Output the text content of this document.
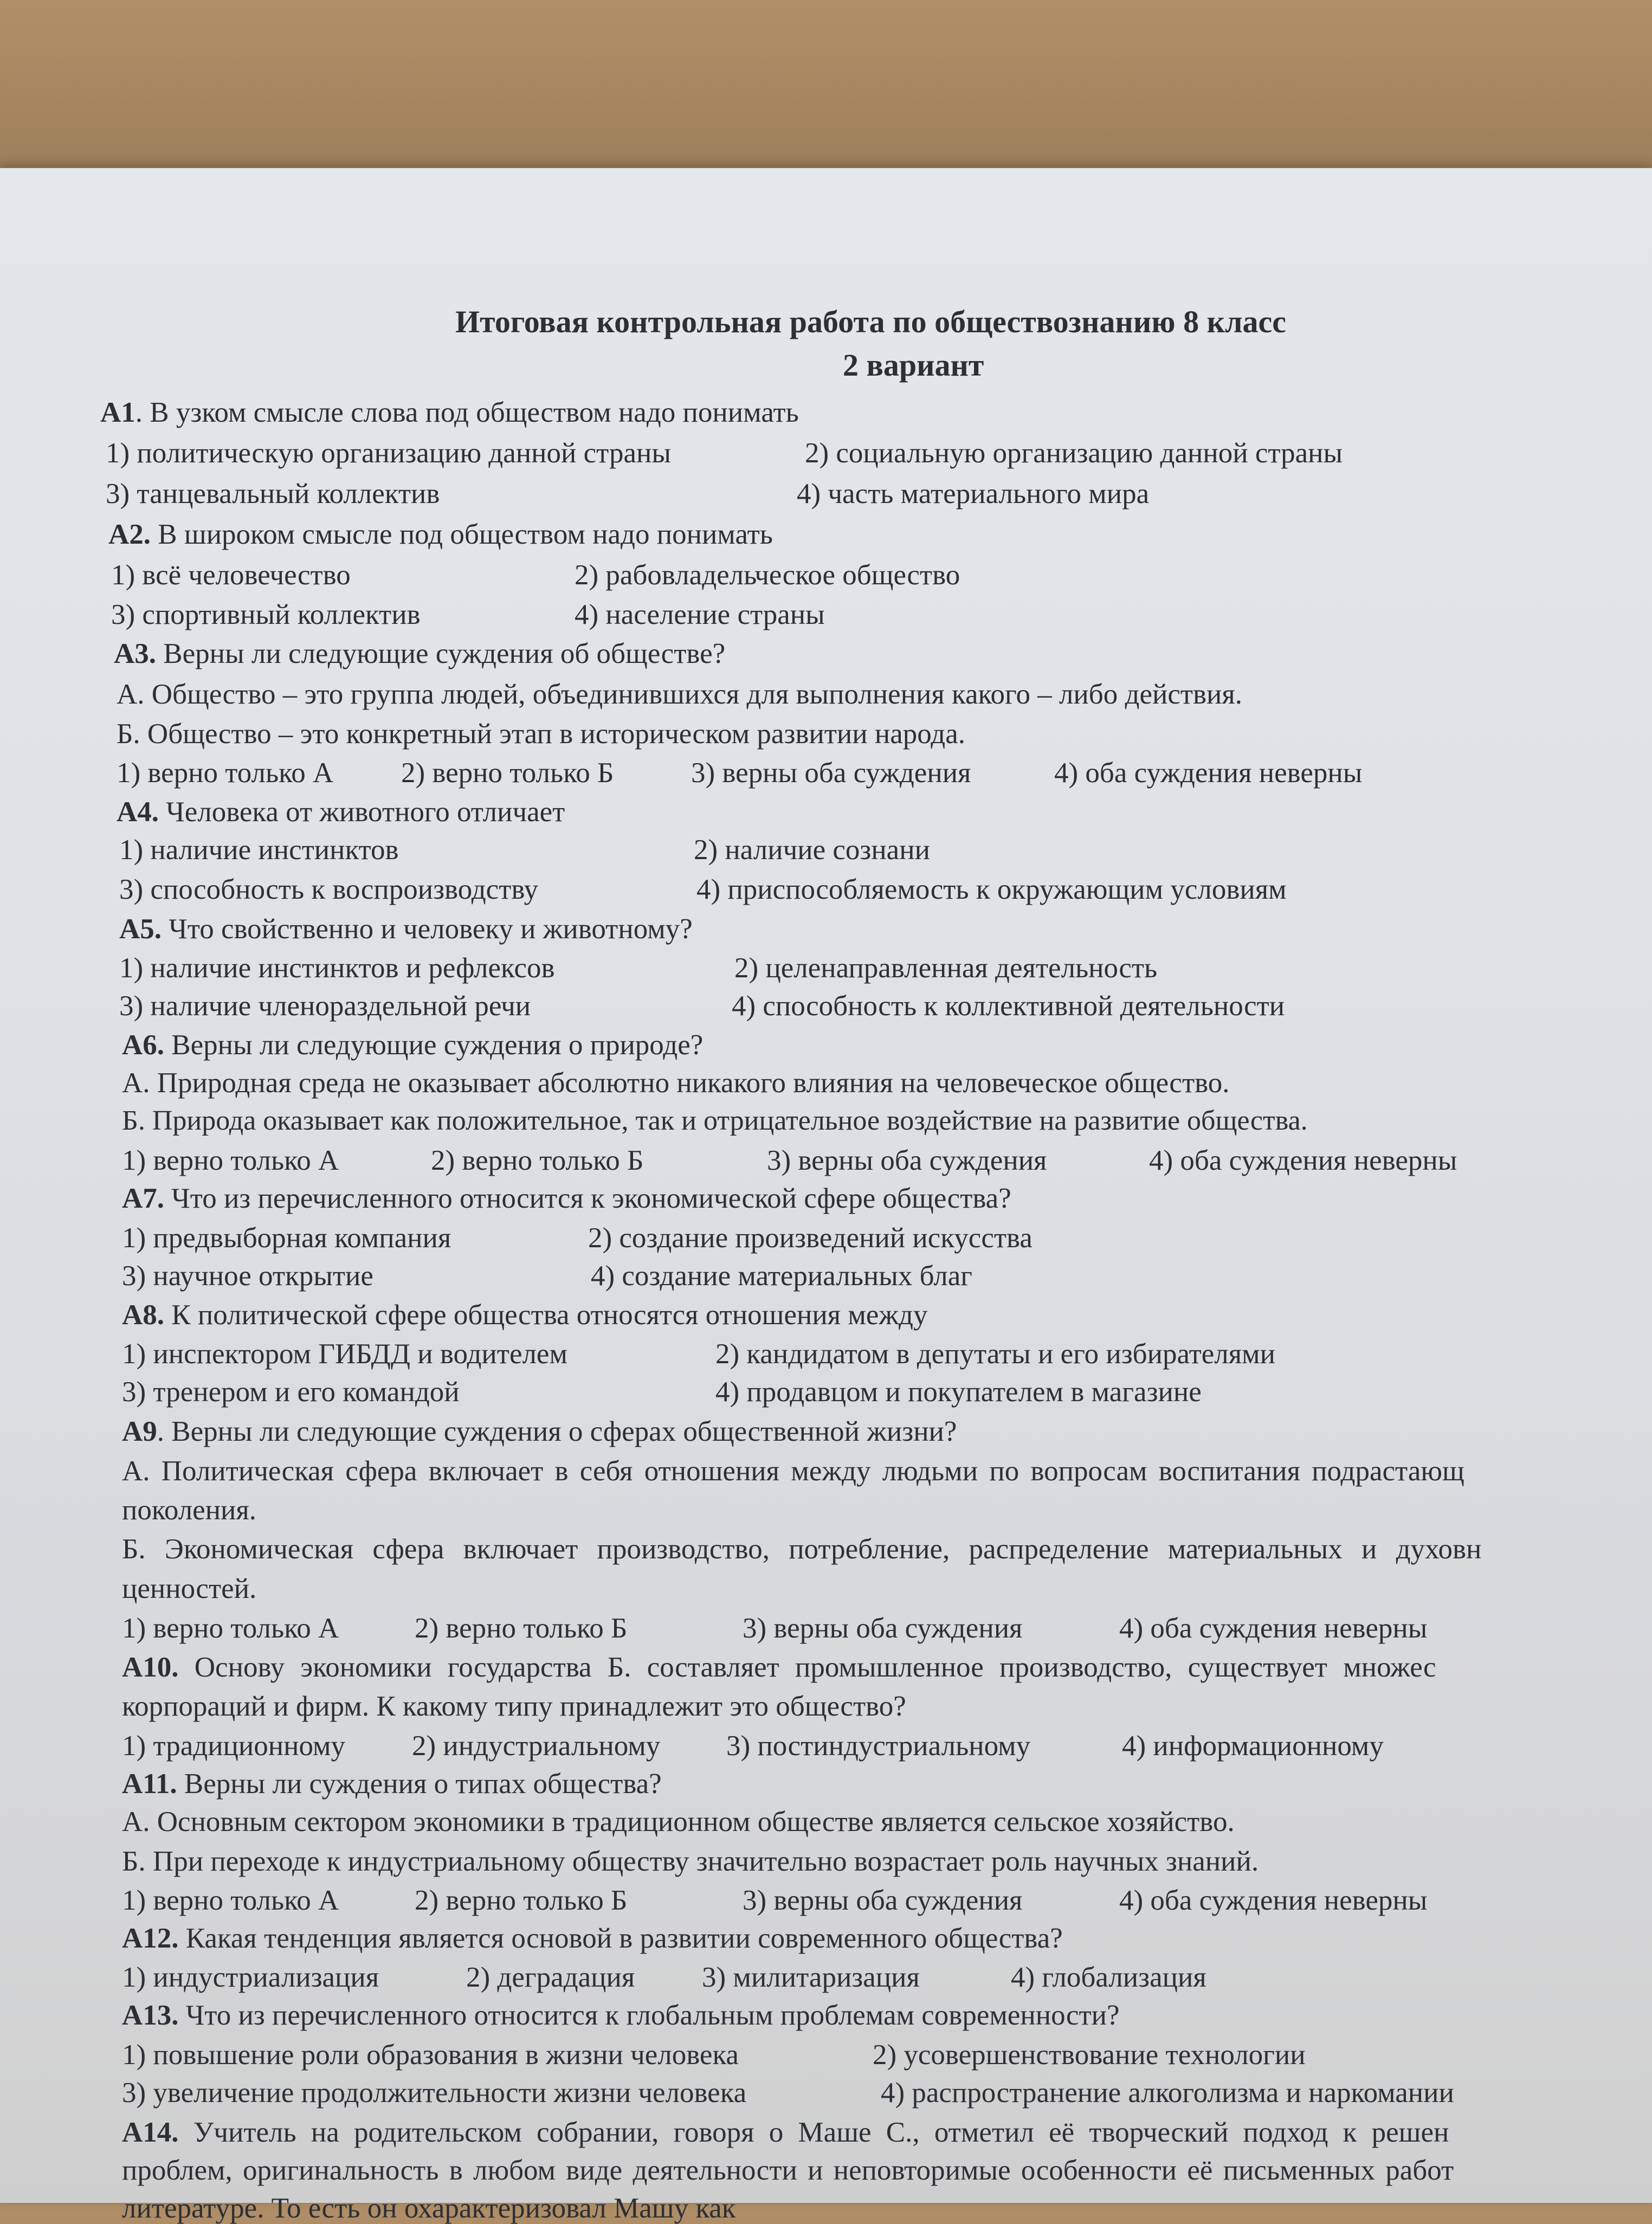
Итоговая контрольная работа по обществознанию 8 класс
2 вариант
А1. В узком смысле слова под обществом надо понимать
1) политическую организацию данной страны	2) социальную организацию данной страны
3) танцевальный коллектив	4) часть материального мира
А2. В широком смысле под обществом надо понимать
1) всё человечество	2) рабовладельческое общество
3) спортивный коллектив	4) население страны
А3. Верны ли следующие суждения об обществе?
А. Общество – это группа людей, объединившихся для выполнения какого – либо действия.
Б. Общество – это конкретный этап в историческом развитии народа.
1) верно только А 2) верно только Б	3) верны оба суждения	4) оба суждения неверны
А4. Человека от животного отличает
1) наличие инстинктов	2) наличие сознани
3) способность к воспроизводству	4) приспособляемость к окружающим условиям
А5. Что свойственно и человеку и животному?
1) наличие инстинктов и рефлексов	2) целенаправленная деятельность
3) наличие членораздельной речи	4) способность к коллективной деятельности
А6. Верны ли следующие суждения о природе?
А. Природная среда не оказывает абсолютно никакого влияния на человеческое общество.
Б. Природа оказывает как положительное, так и отрицательное воздействие на развитие общества.
1) верно только А	2) верно только Б	3) верны оба суждения	4) оба суждения неверны
А7. Что из перечисленного относится к экономической сфере общества?
1) предвыборная компания	2) создание произведений искусства
3) научное открытие	4) создание материальных благ
А8. К политической сфере общества относятся отношения между
1) инспектором ГИБДД и водителем	2) кандидатом в депутаты и его избирателями
3) тренером и его командой	4) продавцом и покупателем в магазине
А9. Верны ли следующие суждения о сферах общественной жизни?
А. Политическая сфера включает в себя отношения между людьми по вопросам воспитания подрастающ
поколения.
Б. Экономическая сфера включает производство, потребление, распределение материальных и духовн
ценностей.
1) верно только А	2) верно только Б	3) верны оба суждения	4) оба суждения неверны
А10. Основу экономики государства Б. составляет промышленное производство, существует множес
корпораций и фирм. К какому типу принадлежит это общество?
1) традиционному 2) индустриальному 3) постиндустриальному	4) информационному
А11. Верны ли суждения о типах общества?
А. Основным сектором экономики в традиционном обществе является сельское хозяйство.
Б. При переходе к индустриальному обществу значительно возрастает роль научных знаний.
1) верно только А	2) верно только Б	3) верны оба суждения	4) оба суждения неверны
А12. Какая тенденция является основой в развитии современного общества?
1) индустриализация	2) деградация 3) милитаризация	4) глобализация
А13. Что из перечисленного относится к глобальным проблемам современности?
1) повышение роли образования в жизни человека	2) усовершенствование технологии
3) увеличение продолжительности жизни человека	4) распространение алкоголизма и наркомании
А14. Учитель на родительском собрании, говоря о Маше С., отметил её творческий подход к решен
проблем, оригинальность в любом виде деятельности и неповторимые особенности её письменных работ
литературе. То есть он охарактеризовал Машу как
